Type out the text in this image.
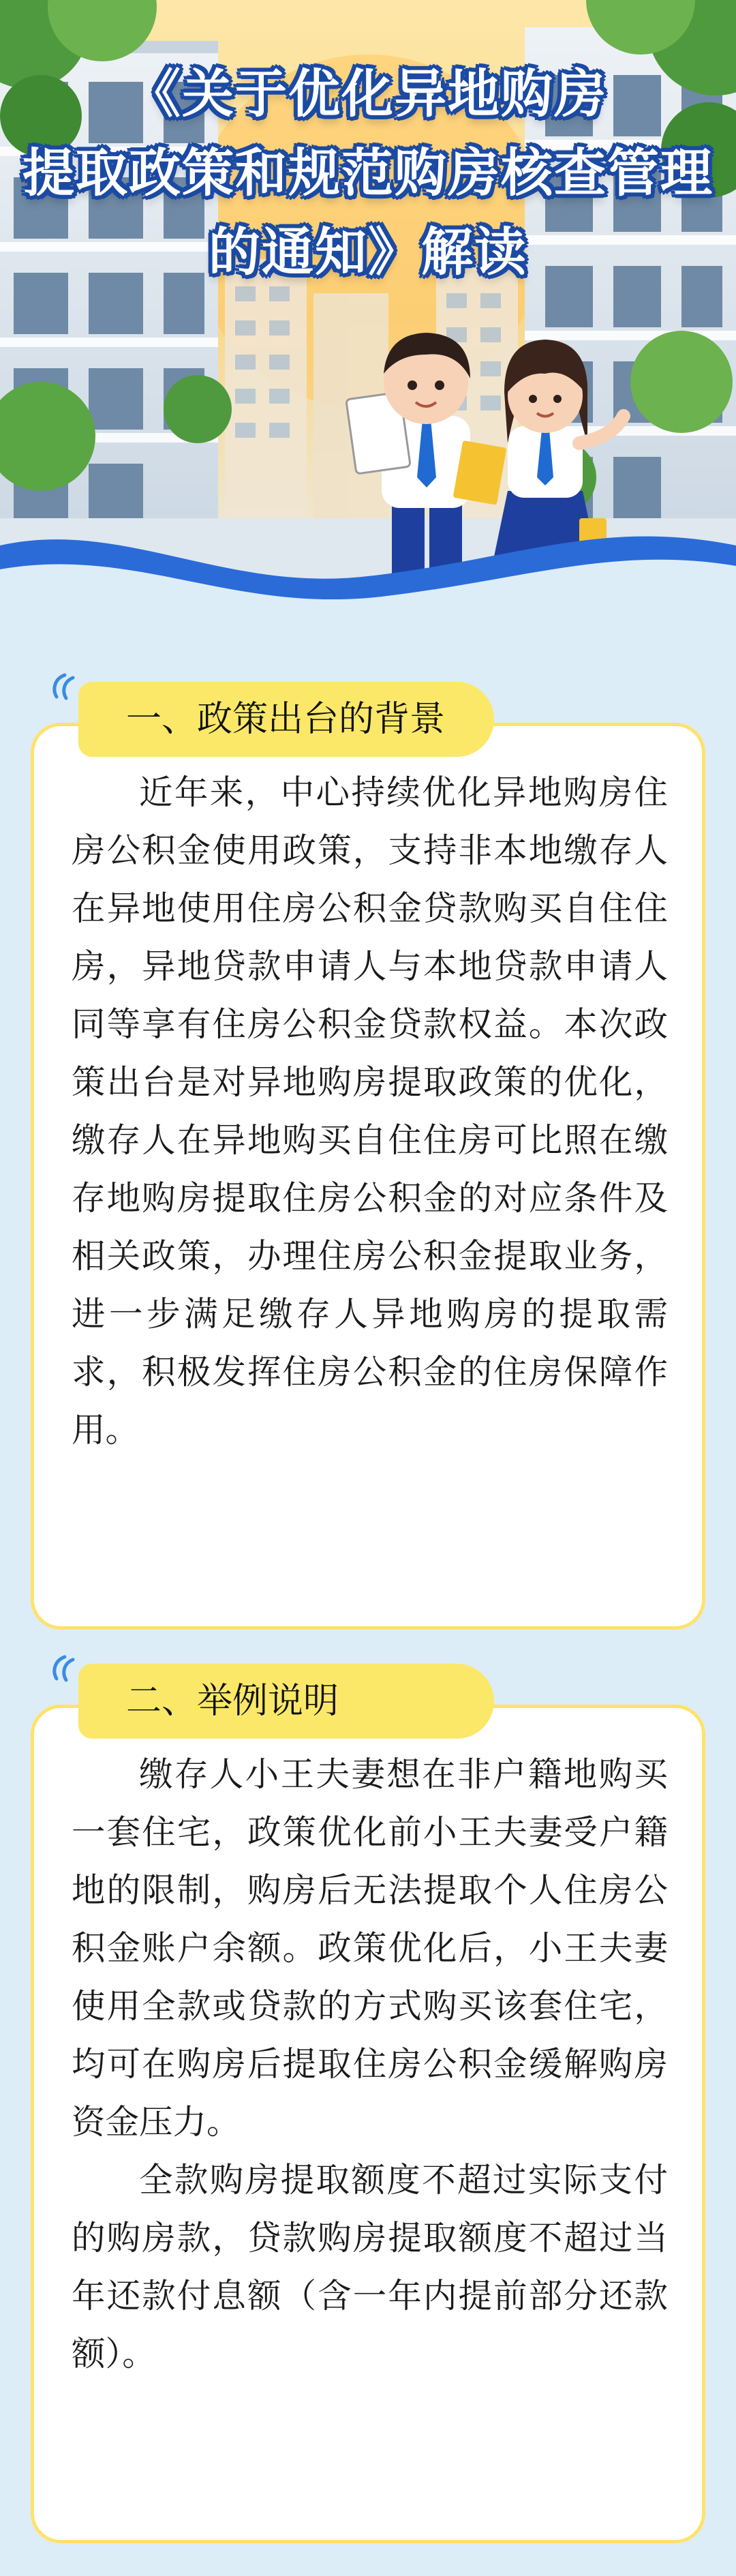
《关于优化异地购房
提取政策和规范购房核查管理
的通知》解读
一、政策出台的背景

近年来，中心持续优化异地购房住房公积金使用政策，支持非本地缴存人在异地使用住房公积金贷款购买自住住房，异地贷款申请人与本地贷款申请人同等享有住房公积金贷款权益。本次政策出台是对异地购房提取政策的优化，缴存人在异地购买自住住房可比照在缴存地购房提取住房公积金的对应条件及相关政策，办理住房公积金提取业务，进一步满足缴存人异地购房的提取需求，积极发挥住房公积金的住房保障作用。

二、举例说明

缴存人小王夫妻想在非户籍地购买一套住宅，政策优化前小王夫妻受户籍地的限制，购房后无法提取个人住房公积金账户余额。政策优化后，小王夫妻使用全款或贷款的方式购买该套住宅，均可在购房后提取住房公积金缓解购房资金压力。

全款购房提取额度不超过实际支付的购房款，贷款购房提取额度不超过当年还款付息额（含一年内提前部分还款额）。
